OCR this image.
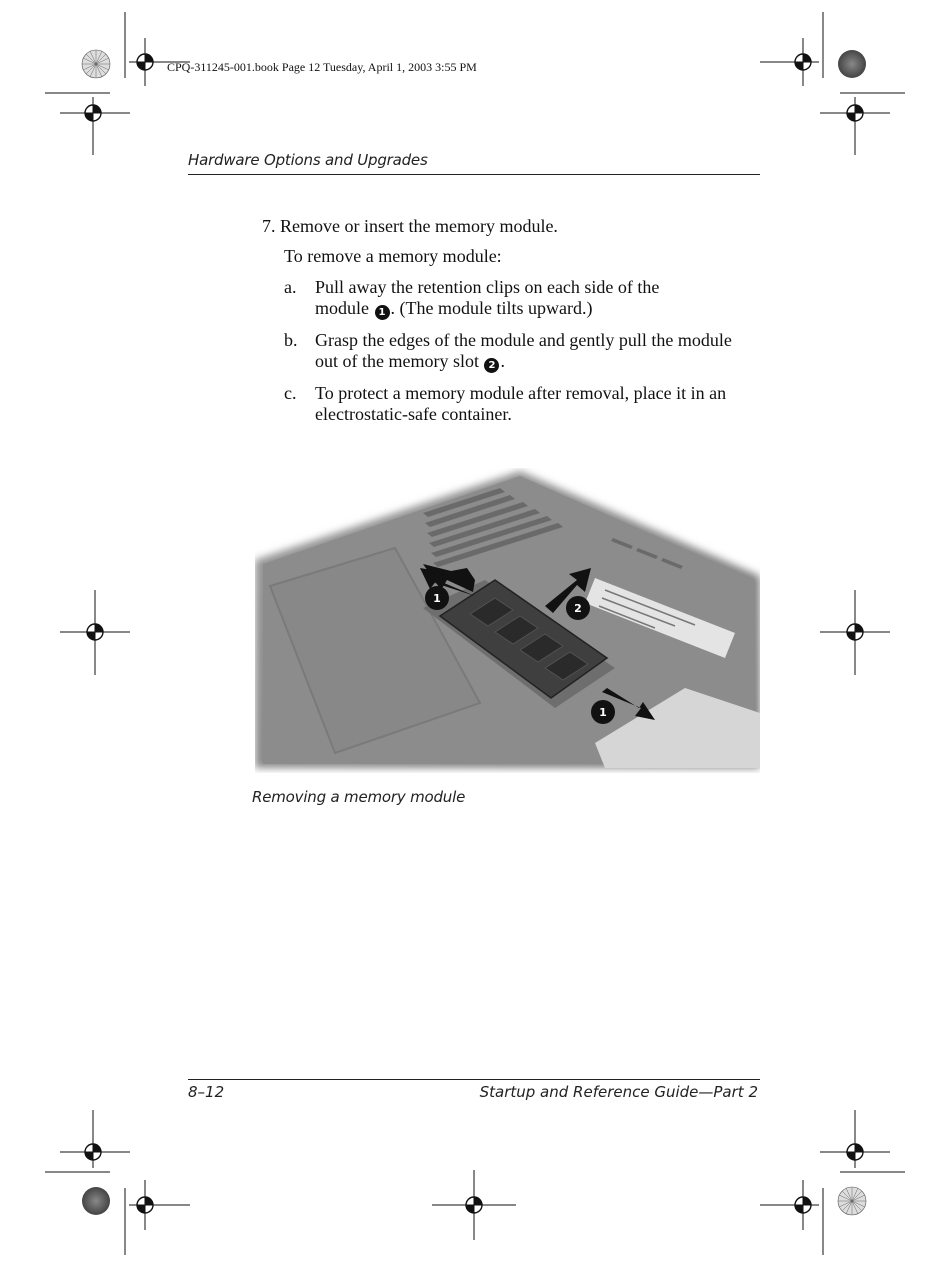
CPQ-311245-001.book Page 12 Tuesday, April 1, 2003 3:55 PM
Hardware Options and Upgrades
7. Remove or insert the memory module.
To remove a memory module:
a. Pull away the retention clips on each side of the
module 1 . (The module tilts upward.)
b. Grasp the edges of the module and gently pull the module
out of the memory slot 2 .
c. To protect a memory module after removal, place it in an
electrostatic-safe container.
1
2
1
Removing a memory module
8–12	Startup and Reference Guide—Part 2
